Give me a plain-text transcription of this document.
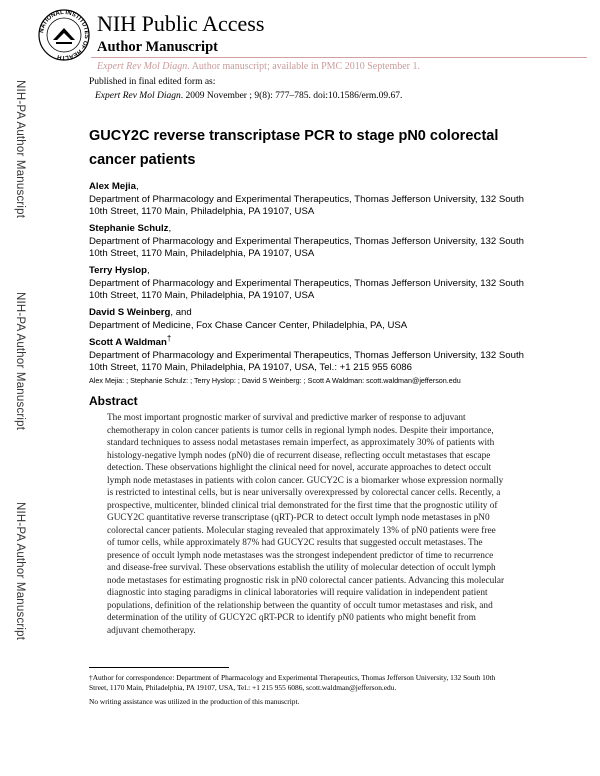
NATIONAL INSTITUTES OF HEALTH
NIH Public Access
Author Manuscript
Expert Rev Mol Diagn. Author manuscript; available in PMC 2010 September 1.
Published in final edited form as:
Expert Rev Mol Diagn. 2009 November ; 9(8): 777–785. doi:10.1586/erm.09.67.
NIH-PA Author Manuscript
NIH-PA Author Manuscript
NIH-PA Author Manuscript
GUCY2C reverse transcriptase PCR to stage pN0 colorectal cancer patients
Alex Mejia,
Department of Pharmacology and Experimental Therapeutics, Thomas Jefferson University, 132 South 10th Street, 1170 Main, Philadelphia, PA 19107, USA
Stephanie Schulz,
Department of Pharmacology and Experimental Therapeutics, Thomas Jefferson University, 132 South 10th Street, 1170 Main, Philadelphia, PA 19107, USA
Terry Hyslop,
Department of Pharmacology and Experimental Therapeutics, Thomas Jefferson University, 132 South 10th Street, 1170 Main, Philadelphia, PA 19107, USA
David S Weinberg, and
Department of Medicine, Fox Chase Cancer Center, Philadelphia, PA, USA
Scott A Waldman†
Department of Pharmacology and Experimental Therapeutics, Thomas Jefferson University, 132 South 10th Street, 1170 Main, Philadelphia, PA 19107, USA, Tel.: +1 215 955 6086
Alex Mejia: ; Stephanie Schulz: ; Terry Hyslop: ; David S Weinberg: ; Scott A Waldman: scott.waldman@jefferson.edu
Abstract
The most important prognostic marker of survival and predictive marker of response to adjuvant chemotherapy in colon cancer patients is tumor cells in regional lymph nodes. Despite their importance, standard techniques to assess nodal metastases remain imperfect, as approximately 30% of patients with histology-negative lymph nodes (pN0) die of recurrent disease, reflecting occult metastases that escape detection. These observations highlight the clinical need for novel, accurate approaches to detect occult lymph node metastases in patients with colon cancer. GUCY2C is a biomarker whose expression normally is restricted to intestinal cells, but is near universally overexpressed by colorectal cancer cells. Recently, a prospective, multicenter, blinded clinical trial demonstrated for the first time that the prognostic utility of GUCY2C quantitative reverse transcriptase (qRT)-PCR to detect occult lymph node metastases in pN0 colorectal cancer patients. Molecular staging revealed that approximately 13% of pN0 patients were free of tumor cells, while approximately 87% had GUCY2C results that suggested occult metastases. The presence of occult lymph node metastases was the strongest independent predictor of time to recurrence and disease-free survival. These observations establish the utility of molecular detection of occult lymph node metastases for estimating prognostic risk in pN0 colorectal cancer patients. Advancing this molecular diagnostic into staging paradigms in clinical laboratories will require validation in independent patient populations, definition of the relationship between the quantity of occult tumor metastases and risk, and determination of the utility of GUCY2C qRT-PCR to identify pN0 patients who might benefit from adjuvant chemotherapy.
†Author for correspondence: Department of Pharmacology and Experimental Therapeutics, Thomas Jefferson University, 132 South 10th Street, 1170 Main, Philadelphia, PA 19107, USA, Tel.: +1 215 955 6086, scott.waldman@jefferson.edu.
No writing assistance was utilized in the production of this manuscript.
